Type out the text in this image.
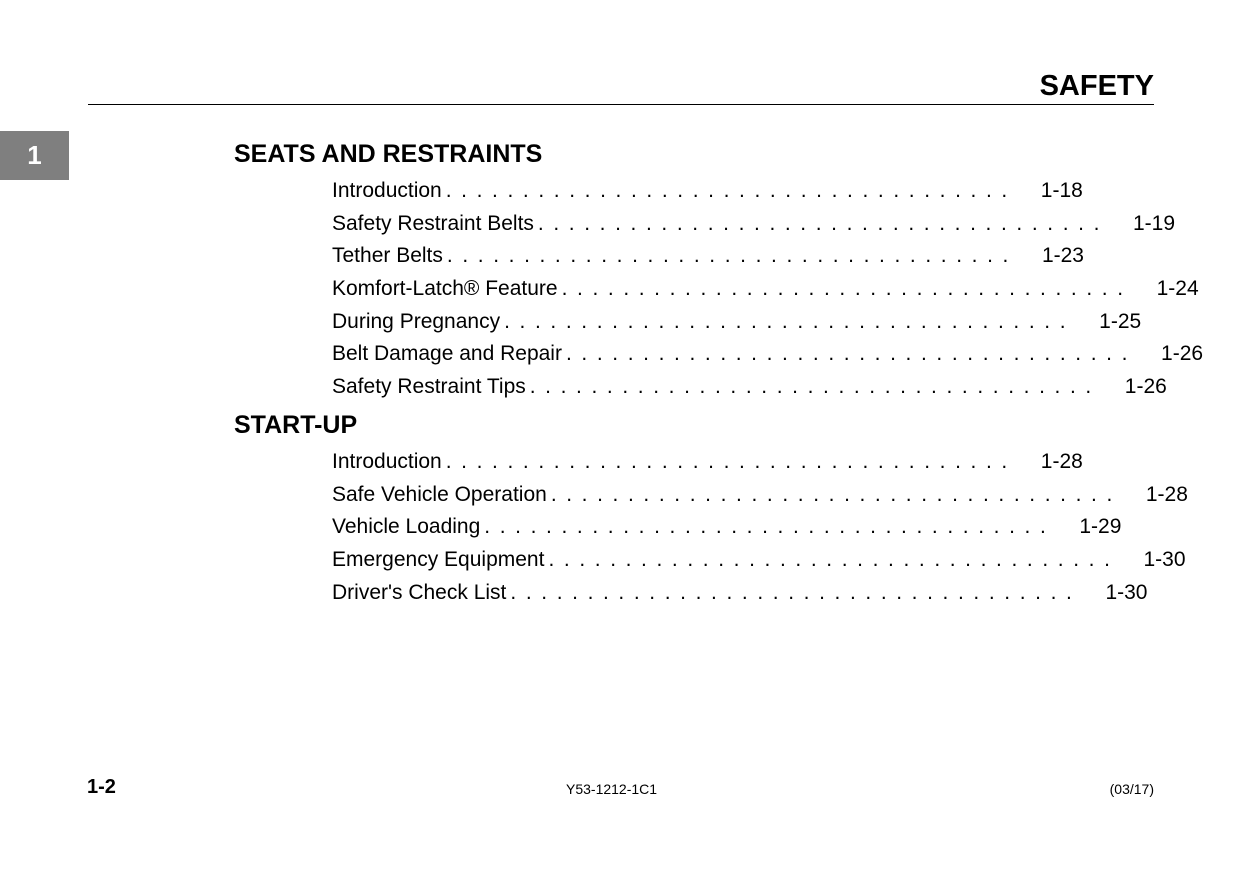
SAFETY
1	SEATS AND RESTRAINTS
Introduction .....................................	1-18
Safety Restraint Belts .....................................	1-19
Tether Belts .....................................	1-23
Komfort-Latch® Feature .....................................	1-24
During Pregnancy .....................................	1-25
Belt Damage and Repair .....................................	1-26
Safety Restraint Tips .....................................	1-26
START-UP
Introduction .....................................	1-28
Safe Vehicle Operation .....................................	1-28
Vehicle Loading .....................................	1-29
Emergency Equipment .....................................	1-30
Driver's Check List .....................................	1-30
1-2	Y53-1212-1C1	(03/17)
